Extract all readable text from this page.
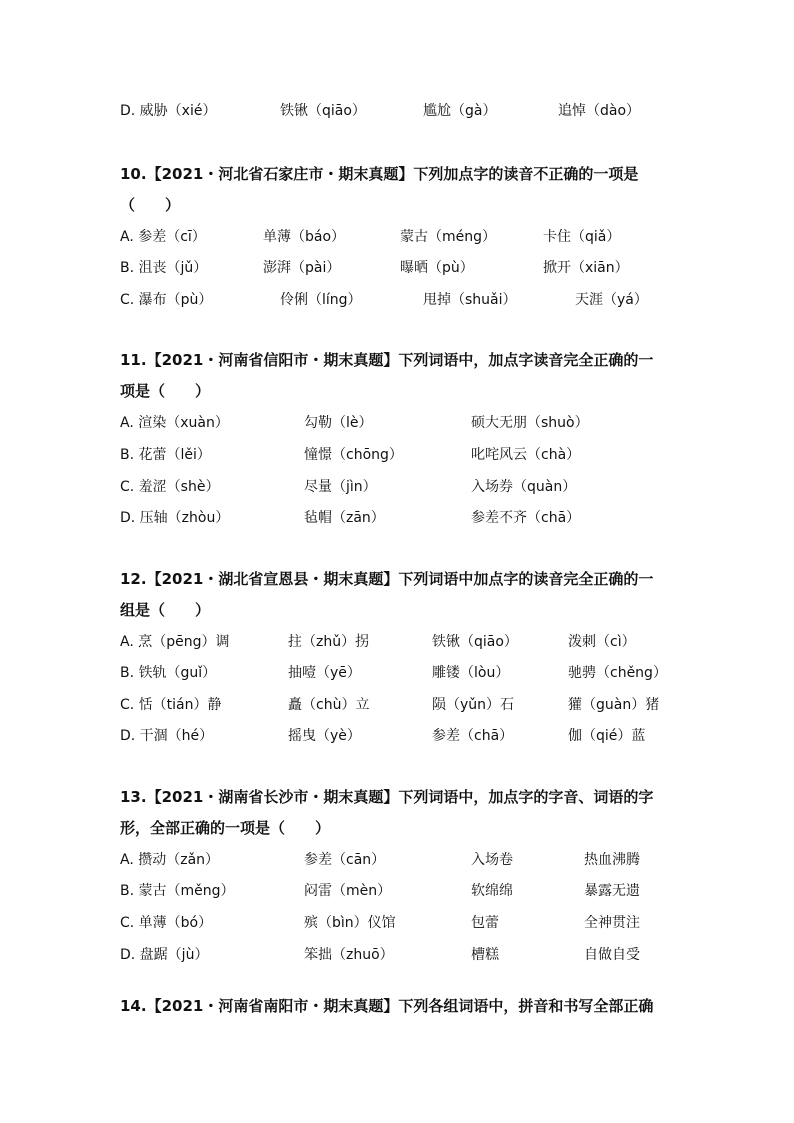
D. 威胁（xié）	铁锹（qiāo）	尴尬（gà）	追悼（dào）
10.【2021・河北省石家庄市・期末真题】下列加点字的读音不正确的一项是
（　　）
A. 参差（cī）	单薄（báo）	蒙古（méng）	卡住（qiǎ）
B. 沮丧（jǔ）	澎湃（pài）	曝晒（pù）	掀开（xiān）
C. 瀑布（pù）	伶俐（líng）	甩掉（shuǎi）	天涯（yá）
11.【2021・河南省信阳市・期末真题】下列词语中，加点字读音完全正确的一
项是（　　）
A. 渲染（xuàn）	勾勒（lè）	硕大无朋（shuò）
B. 花蕾（lěi）	憧憬（chōng）	叱咤风云（chà）
C. 羞涩（shè）	尽量（jìn）	入场券（quàn）
D. 压轴（zhòu）	毡帽（zān）	参差不齐（chā）
12.【2021・湖北省宣恩县・期末真题】下列词语中加点字的读音完全正确的一
组是（　　）
A. 烹（pēng）调	拄（zhǔ）拐	铁锹（qiāo）	泼刺（cì）
B. 铁轨（guǐ）	抽噎（yē）	雕镂（lòu）	驰骋（chěng）
C. 恬（tián）静	矗（chù）立	陨（yǔn）石	獾（guàn）猪
D. 干涸（hé）	摇曳（yè）	参差（chā）	伽（qié）蓝
13.【2021・湖南省长沙市・期末真题】下列词语中，加点字的字音、词语的字
形，全部正确的一项是（　　）
A. 攒动（zǎn）	参差（cān）	入场卷	热血沸腾
B. 蒙古（měng）	闷雷（mèn）	软绵绵	暴露无遗
C. 单薄（bó）	殡（bìn）仪馆	包蕾	全神贯注
D. 盘踞（jù）	笨拙（zhuō）	槽糕	自做自受
14.【2021・河南省南阳市・期末真题】下列各组词语中，拼音和书写全部正确
